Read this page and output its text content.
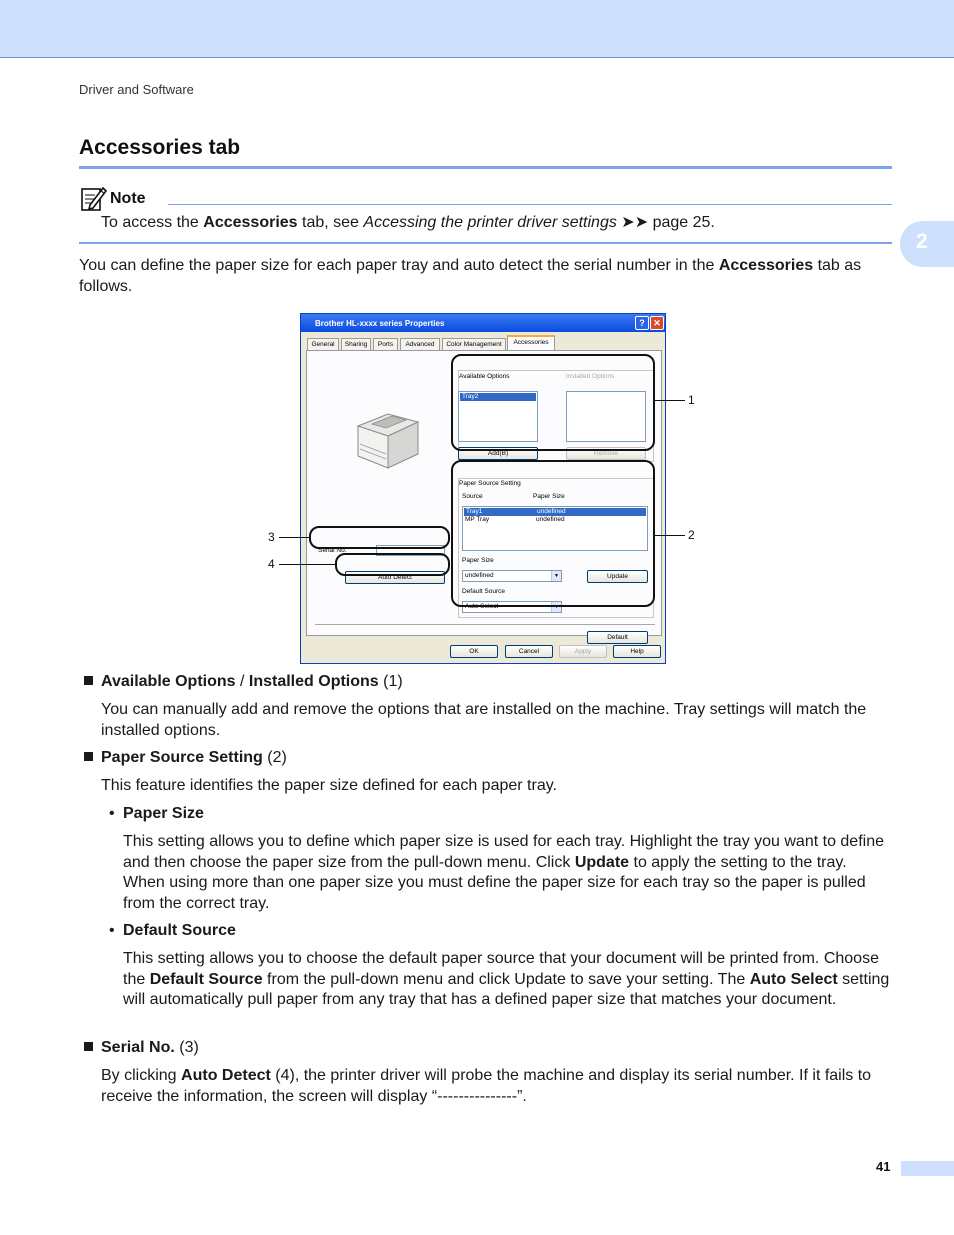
Driver and Software
2
Accessories tab
Note
To access the Accessories tab, see Accessing the printer driver settings ➤➤ page 25.
You can define the paper size for each paper tray and auto detect the serial number in the Accessories tab as follows.
Brother HL-xxxx series Properties	? ✕
General	Sharing	Ports	Advanced	Color Management	Accessories
Available Options	Installed Options
Tray2
Add(B)	Remove
Paper Source Setting
Source	Paper Size
Tray1	undefined
MP Tray	undefined
Paper Size
undefined	▼	Update
Default Source
Auto Select	▼
Serial No.
Auto Detect
Default
OK	Cancel	Apply	Help
1
2
3
4
Available Options / Installed Options (1)
You can manually add and remove the options that are installed on the machine. Tray settings will match the installed options.
Paper Source Setting (2)
This feature identifies the paper size defined for each paper tray.
• Paper Size
This setting allows you to define which paper size is used for each tray. Highlight the tray you want to define and then choose the paper size from the pull-down menu. Click Update to apply the setting to the tray. When using more than one paper size you must define the paper size for each tray so the paper is pulled from the correct tray.
• Default Source
This setting allows you to choose the default paper source that your document will be printed from. Choose the Default Source from the pull-down menu and click Update to save your setting. The Auto Select setting will automatically pull paper from any tray that has a defined paper size that matches your document.
Serial No. (3)
By clicking Auto Detect (4), the printer driver will probe the machine and display its serial number. If it fails to receive the information, the screen will display “---------------”.
41
